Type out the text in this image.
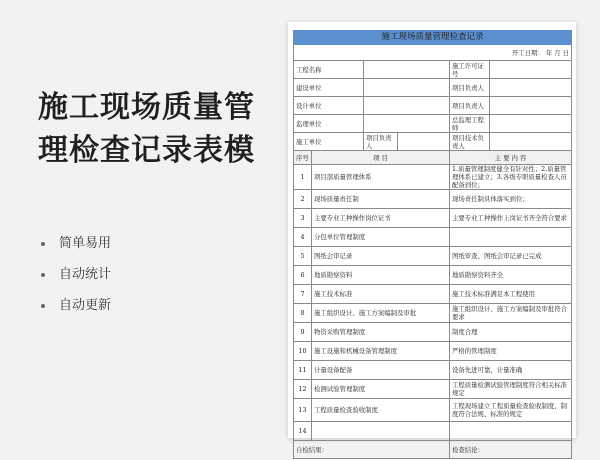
施工现场质量管理检查记录表模
简单易用
自动统计
自动更新
施工现场质量管理检查记录					
开工日期： 年 月 日					
工程名称				施工许可证号	
建设单位				项目负责人	
设计单位				项目负责人	
监理单位				总监理工程师	
施工单位		项目负责人		项目技术负责人	
序号	项 目			主 要 内 容	
1	项目部质量管理体系			1.质量管理制度健全有针对性；2.质量管理体系已建立；3.各级专职质量检查人员配备到位；	
2	现场质量责任制			现场责任制具体落实到位；	
3	主要专业工种操作岗位证书			主要专业工种操作上岗证书齐全符合要求	
4	分包单位管理制度				
5	图纸会审记录			图纸审查、图纸会审记录已完成	
6	地质勘察资料			地质勘察资料齐全	
7	施工技术标准			施工技术标准满足本工程使用	
8	施工组织设计、施工方案编制及审批			施工组织设计、施工方案编制及审批符合要求	
9	物资采购管理制度			制度合理	
10	施工设施和机械设备管理制度			严格的管理制度	
11	计量设备配备			设备先进可靠，计量准确	
12	检测试验管理制度			工程质量检测试验管理制度符合相关标准规定	
13	工程质量检查验收制度			工程现场建立工程质量检查验收制度，制度符合法规、标准的规定	
14					
自检结果：				检查结论：	
